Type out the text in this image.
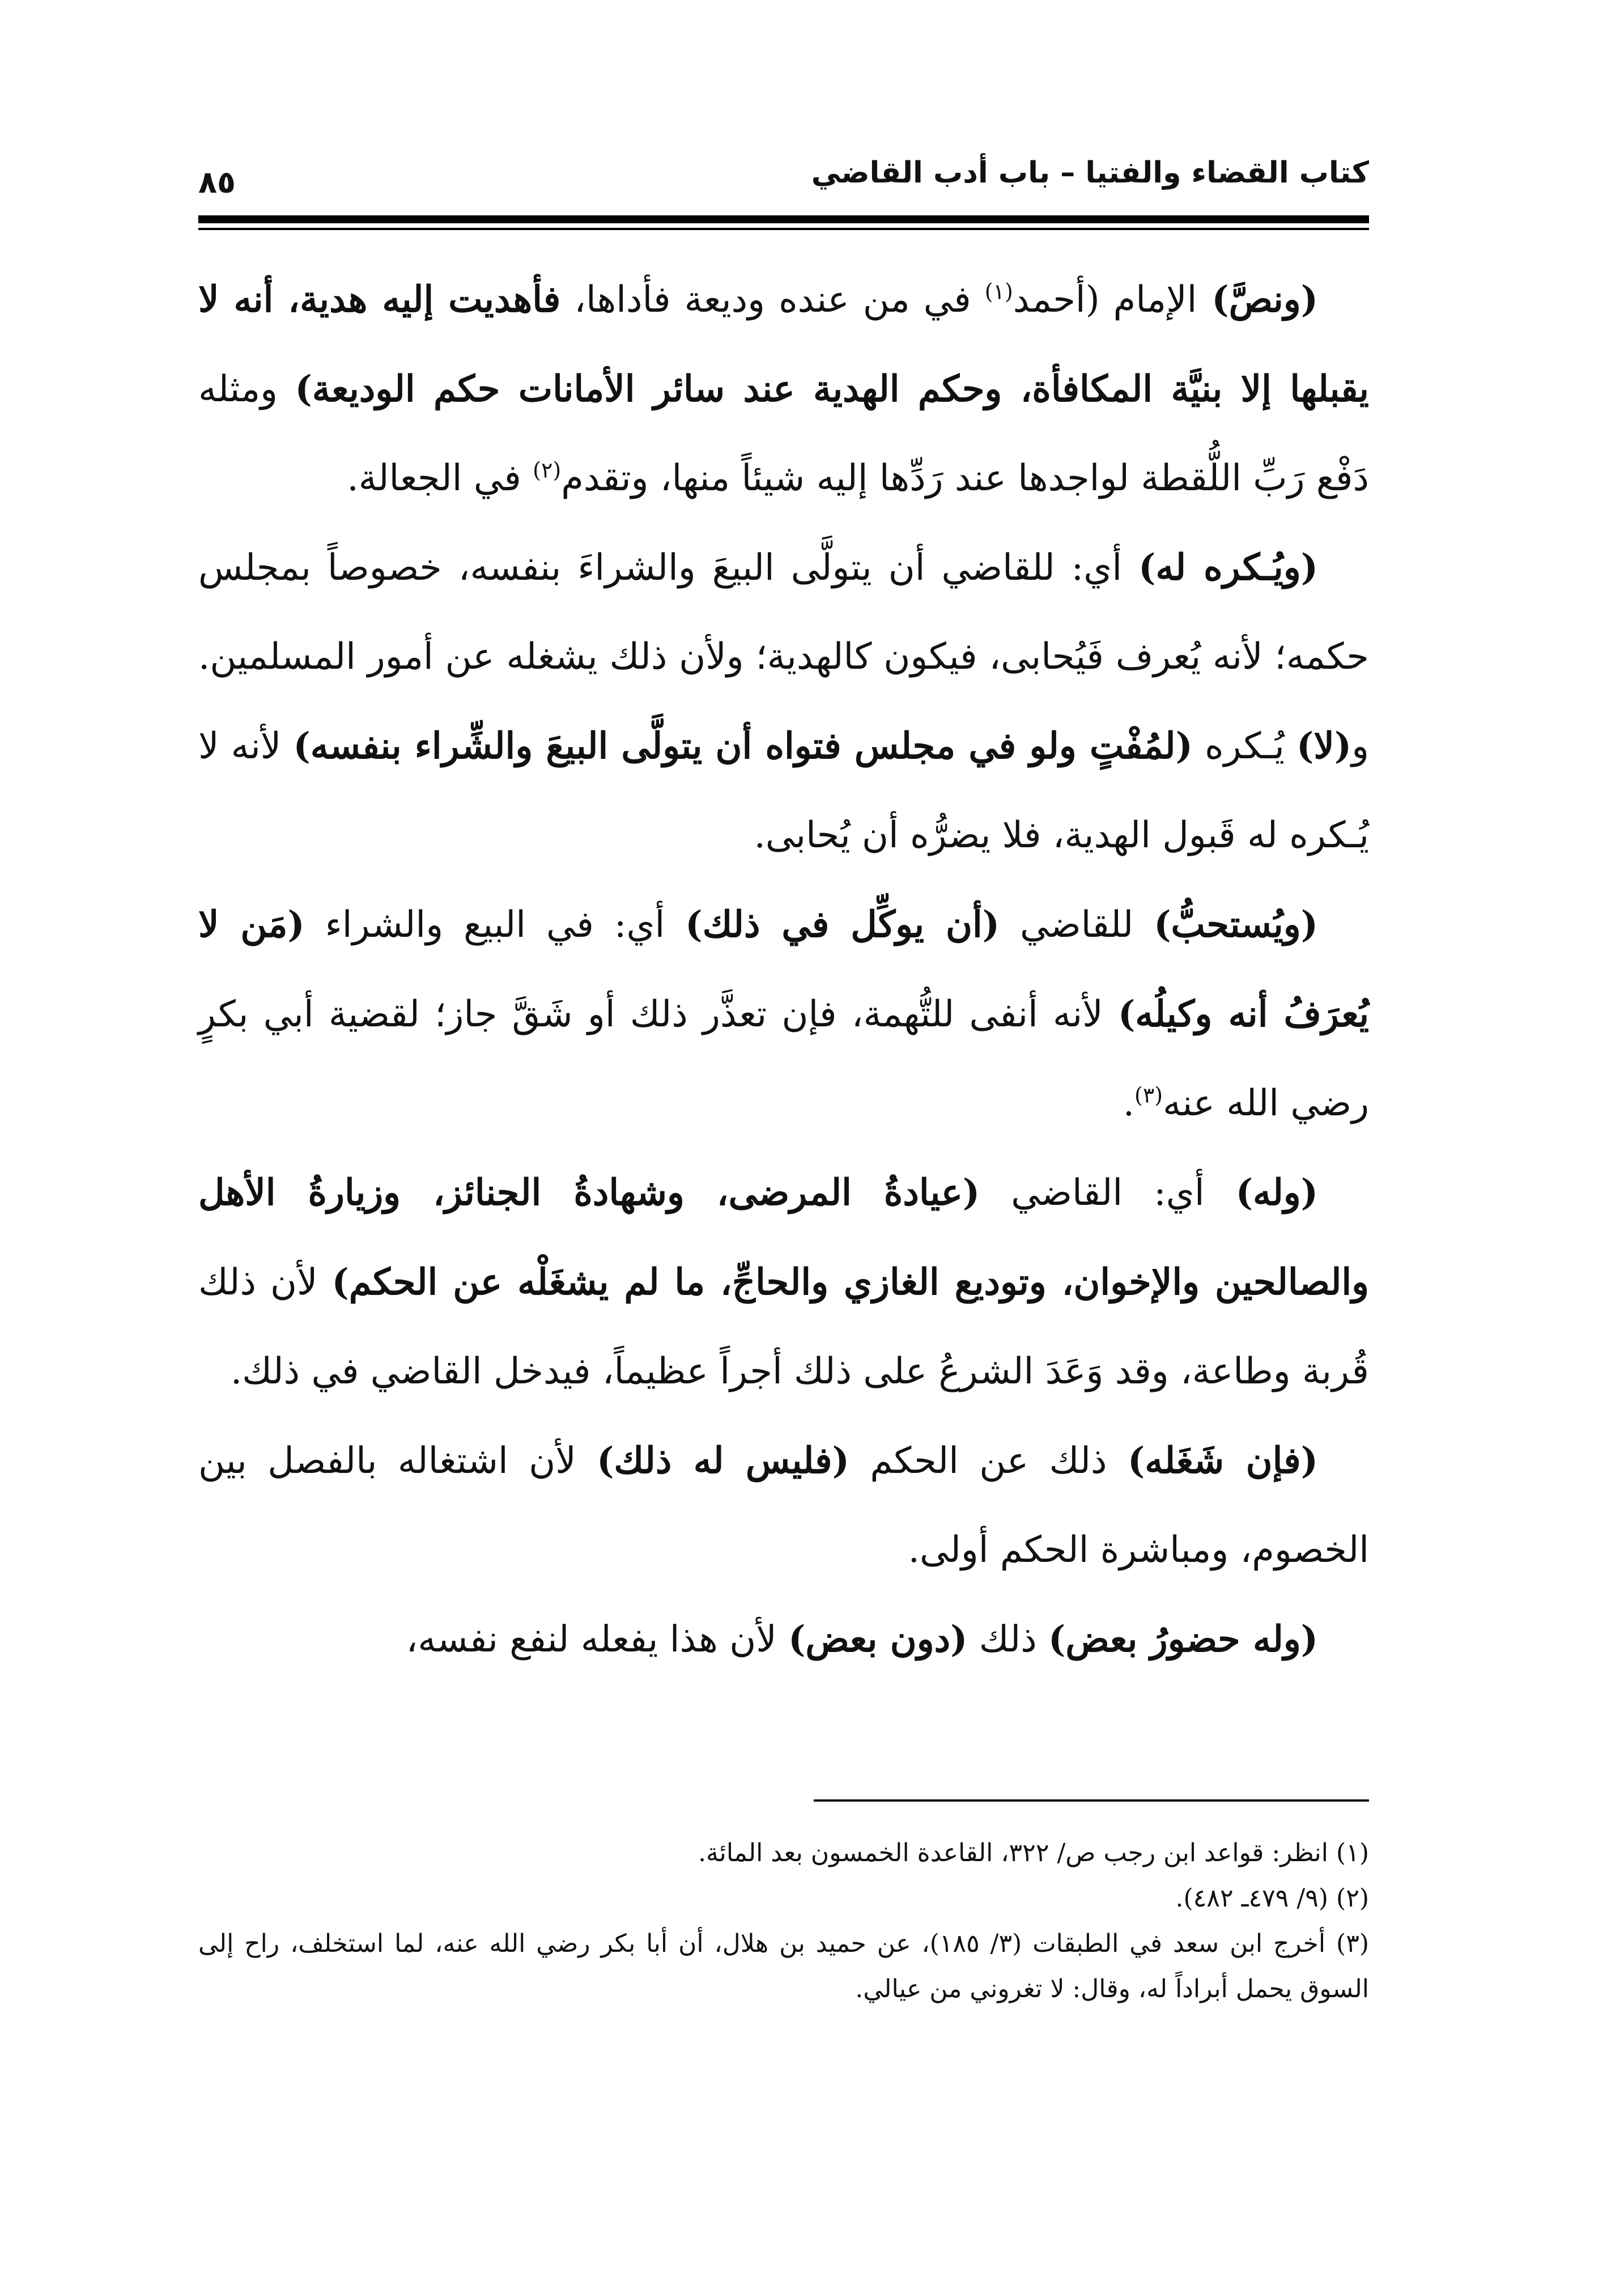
كتاب القضاء والفتيا – باب أدب القاضي
٨٥

(ونصَّ) الإمام (أحمد$^{(١)}$ في من عنده وديعة فأداها، فأهديت إليه هدية، أنه لا يقبلها إلا بنيَّة المكافأة، وحكم الهدية عند سائر الأمانات حكم الوديعة) ومثله دَفْع رَبِّ اللُّقطة لواجدها عند رَدِّها إليه شيئاً منها، وتقدم$^{(٢)}$ في الجعالة.

(ويُـكره له) أي: للقاضي أن يتولَّى البيعَ والشراءَ بنفسه، خصوصاً بمجلس حكمه؛ لأنه يُعرف فَيُحابى، فيكون كالهدية؛ ولأن ذلك يشغله عن أمور المسلمين. و(لا) يُـكره (لمُفْتٍ ولو في مجلس فتواه أن يتولَّى البيعَ والشِّراء بنفسه) لأنه لا يُـكره له قَبول الهدية، فلا يضرُّه أن يُحابى.

(ويُستحبُّ) للقاضي (أن يوكِّل في ذلك) أي: في البيع والشراء (مَن لا يُعرَفُ أنه وكيلُه) لأنه أنفى للتُّهمة، فإن تعذَّر ذلك أو شَقَّ جاز؛ لقضية أبي بكرٍ رضي الله عنه$^{(٣)}$.

(وله) أي: القاضي (عيادةُ المرضى، وشهادةُ الجنائز، وزيارةُ الأهل والصالحين والإخوان، وتوديع الغازي والحاجِّ، ما لم يشغَلْه عن الحكم) لأن ذلك قُربة وطاعة، وقد وَعَدَ الشرعُ على ذلك أجراً عظيماً، فيدخل القاضي في ذلك.

(فإن شَغَله) ذلك عن الحكم (فليس له ذلك) لأن اشتغاله بالفصل بين الخصوم، ومباشرة الحكم أولى.

(وله حضورُ بعض) ذلك (دون بعض) لأن هذا يفعله لنفع نفسه،

(١) انظر: قواعد ابن رجب ص/ ٣٢٢، القاعدة الخمسون بعد المائة.

(٢) (٩/ ٤٧٩ـ ٤٨٢).

(٣) أخرج ابن سعد في الطبقات (٣/ ١٨٥)، عن حميد بن هلال، أن أبا بكر رضي الله عنه، لما استخلف، راح إلى السوق يحمل أبراداً له، وقال: لا تغروني من عيالي.
